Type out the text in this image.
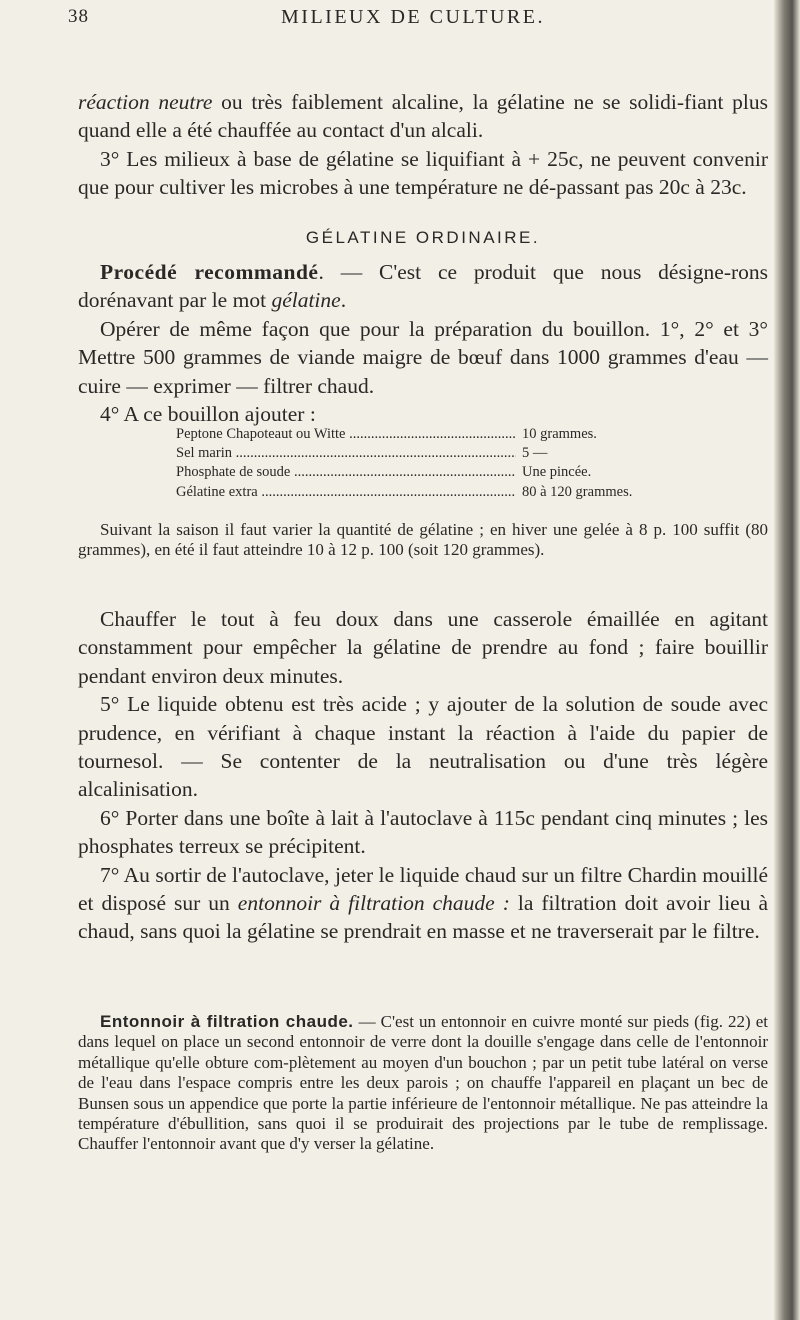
38	MILIEUX DE CULTURE.

réaction neutre ou très faiblement alcaline, la gélatine ne se solidi-fiant plus quand elle a été chauffée au contact d'un alcali.

3° Les milieux à base de gélatine se liquifiant à + 25c, ne peuvent convenir que pour cultiver les microbes à une température ne dé-passant pas 20c à 23c.

GÉLATINE ORDINAIRE.

Procédé recommandé. — C'est ce produit que nous désigne-rons dorénavant par le mot gélatine.

Opérer de même façon que pour la préparation du bouillon. 1°, 2° et 3° Mettre 500 grammes de viande maigre de bœuf dans 1000 grammes d'eau — cuire — exprimer — filtrer chaud.

4° A ce bouillon ajouter :

Peptone Chapoteaut ou Witte .....	10 grammes.
Sel marin .....	5 —
Phosphate de soude .....	Une pincée.
Gélatine extra .....	80 à 120 grammes.

Suivant la saison il faut varier la quantité de gélatine ; en hiver une gelée à 8 p. 100 suffit (80 grammes), en été il faut atteindre 10 à 12 p. 100 (soit 120 grammes).

Chauffer le tout à feu doux dans une casserole émaillée en agitant constamment pour empêcher la gélatine de prendre au fond ; faire bouillir pendant environ deux minutes.

5° Le liquide obtenu est très acide ; y ajouter de la solution de soude avec prudence, en vérifiant à chaque instant la réaction à l'aide du papier de tournesol. — Se contenter de la neutralisation ou d'une très légère alcalinisation.

6° Porter dans une boîte à lait à l'autoclave à 115c pendant cinq minutes ; les phosphates terreux se précipitent.

7° Au sortir de l'autoclave, jeter le liquide chaud sur un filtre Chardin mouillé et disposé sur un entonnoir à filtration chaude : la filtration doit avoir lieu à chaud, sans quoi la gélatine se prendrait en masse et ne traverserait par le filtre.

Entonnoir à filtration chaude. — C'est un entonnoir en cuivre monté sur pieds (fig. 22) et dans lequel on place un second entonnoir de verre dont la douille s'engage dans celle de l'entonnoir métallique qu'elle obture com-plètement au moyen d'un bouchon ; par un petit tube latéral on verse de l'eau dans l'espace compris entre les deux parois ; on chauffe l'appareil en plaçant un bec de Bunsen sous un appendice que porte la partie inférieure de l'entonnoir métallique. Ne pas atteindre la température d'ébullition, sans quoi il se produirait des projections par le tube de remplissage. Chauffer l'entonnoir avant que d'y verser la gélatine.
